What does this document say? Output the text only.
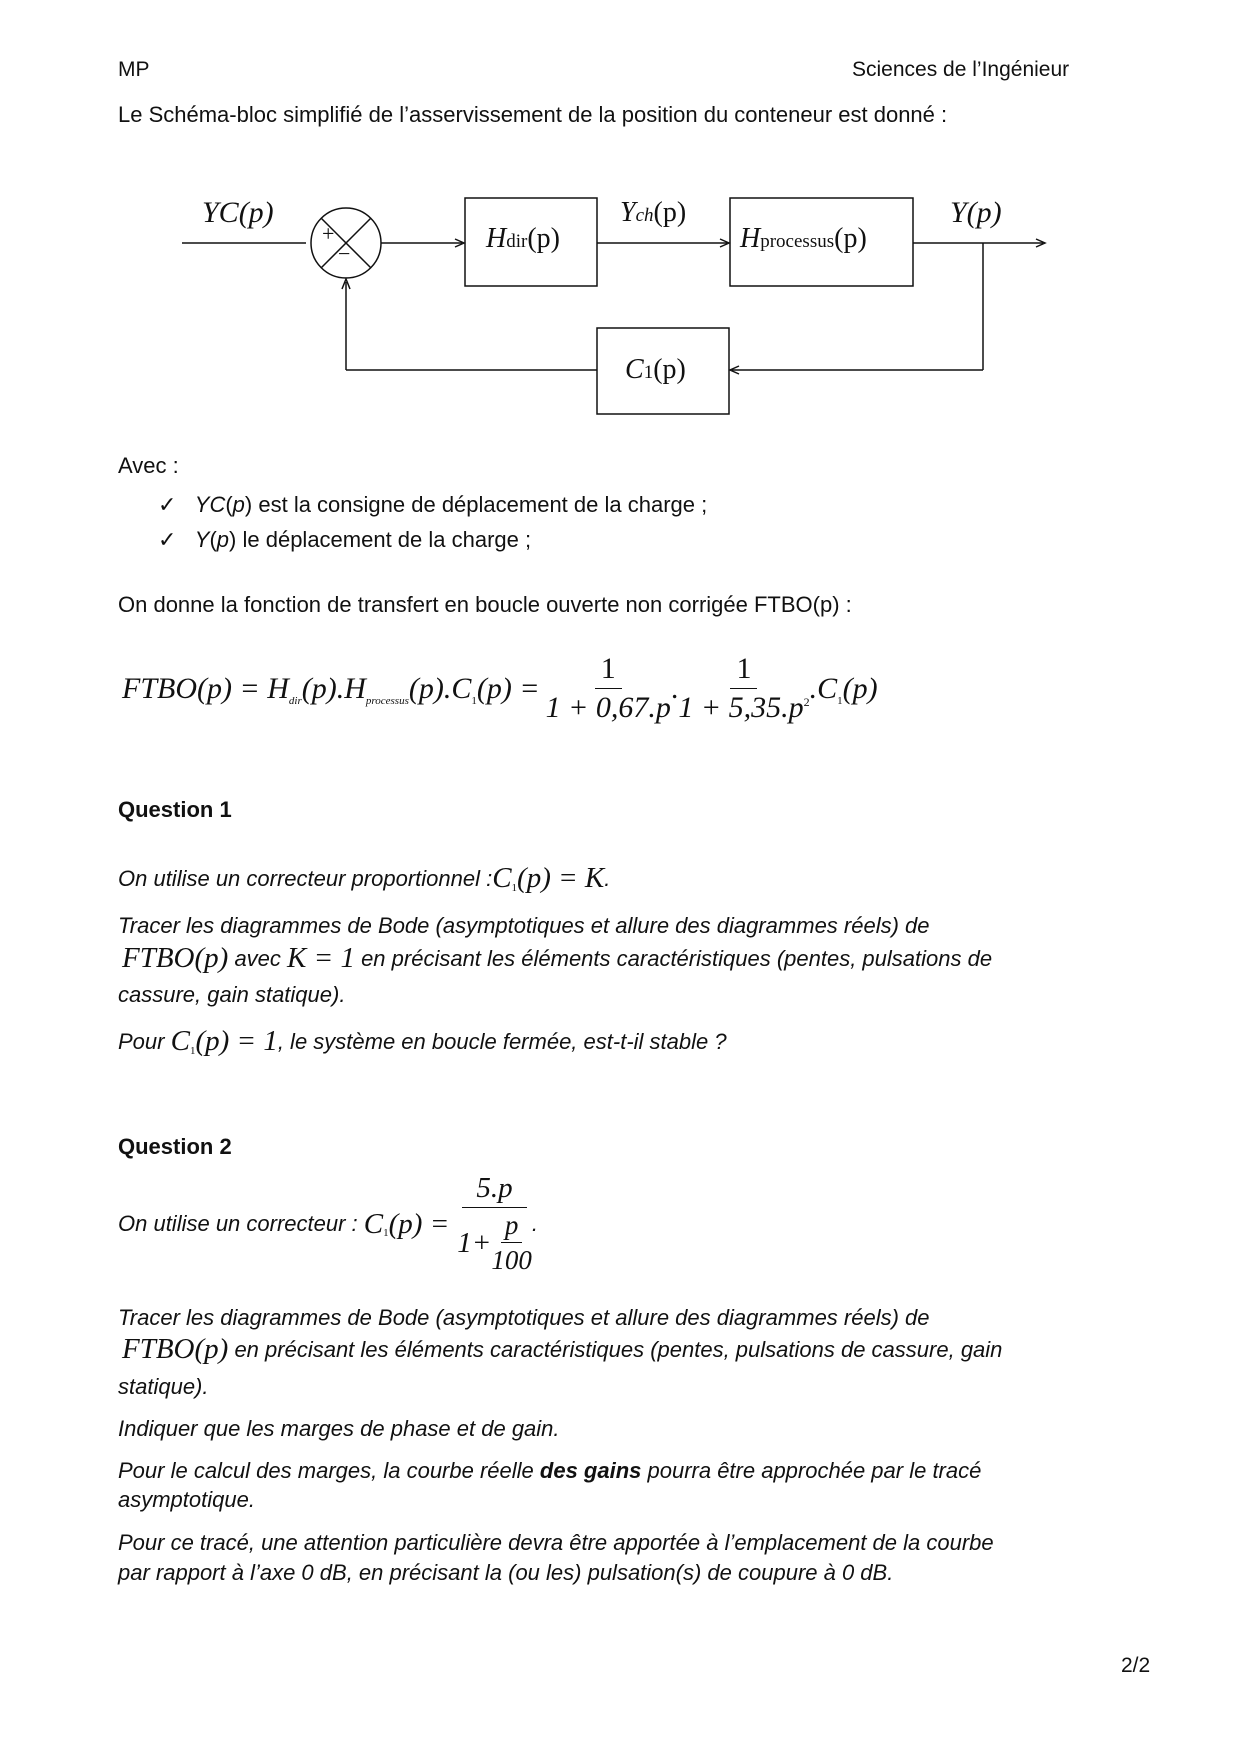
MP	Sciences de l’Ingénieur
Le Schéma-bloc simplifié de l’asservissement de la position du conteneur est donné :
YC(p)
+
−	Hdir(p)
Ych(p)
Hprocessus(p)
Y(p)
C1(p)
Avec :
✓ YC(p) est la consigne de déplacement de la charge ;
✓ Y(p) le déplacement de la charge ;
On donne la fonction de transfert en boucle ouverte non corrigée FTBO(p) :
FTBO(p) = H dir (p).H processus (p).C 1 $(p) = \frac{1}{1 + 0,67.p}$ . $\frac{1}{1 + 5,35.p^2} .C$ 1 (p)
Question 1
On utilise un correcteur proportionnel : C 1 (p) = K .
Tracer les diagrammes de Bode (asymptotiques et allure des diagrammes réels) de
FTBO(p) avec K = 1 en précisant les éléments caractéristiques (pentes, pulsations de
cassure, gain statique).
Pour C 1 (p) = 1 , le système en boucle fermée, est-t-il stable ?
Question 2
On utilise un correcteur : C 1 $(p) = \frac{5.p}{1+ \frac{p}{100}}$ .
Tracer les diagrammes de Bode (asymptotiques et allure des diagrammes réels) de
FTBO(p) en précisant les éléments caractéristiques (pentes, pulsations de cassure, gain
statique).
Indiquer que les marges de phase et de gain.
Pour le calcul des marges, la courbe réelle des gains pourra être approchée par le tracé
asymptotique.
Pour ce tracé, une attention particulière devra être apportée à l’emplacement de la courbe
par rapport à l’axe 0 dB, en précisant la (ou les) pulsation(s) de coupure à 0 dB.
2/2
